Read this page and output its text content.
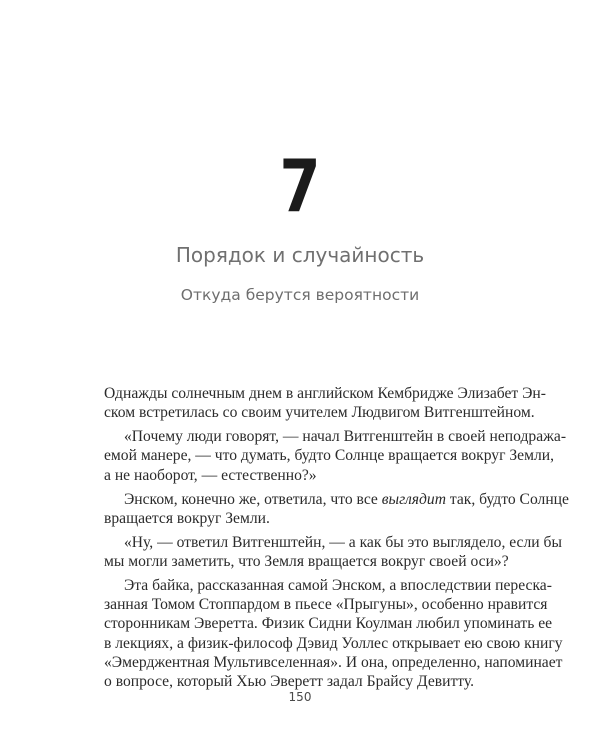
7
Порядок и случайность
Откуда берутся вероятности

Однажды солнечным днем в английском Кембридже Элизабет Эн-
ском встретилась со своим учителем Людвигом Витгенштейном.

«Почему люди говорят, — начал Витгенштейн в своей неподража-
емой манере, — что думать, будто Солнце вращается вокруг Земли,
а не наоборот, — естественно?»

Энском, конечно же, ответила, что все выглядит так, будто Солнце
вращается вокруг Земли.

«Ну, — ответил Витгенштейн, — а как бы это выглядело, если бы
мы могли заметить, что Земля вращается вокруг своей оси»?

Эта байка, рассказанная самой Энском, а впоследствии переска-
занная Томом Стоппардом в пьесе «Прыгуны», особенно нравится
сторонникам Эверетта. Физик Сидни Коулман любил упоминать ее
в лекциях, а физик-философ Дэвид Уоллес открывает ею свою книгу
«Эмерджентная Мультивселенная». И она, определенно, напоминает
о вопросе, который Хью Эверетт задал Брайсу Девитту.

150
